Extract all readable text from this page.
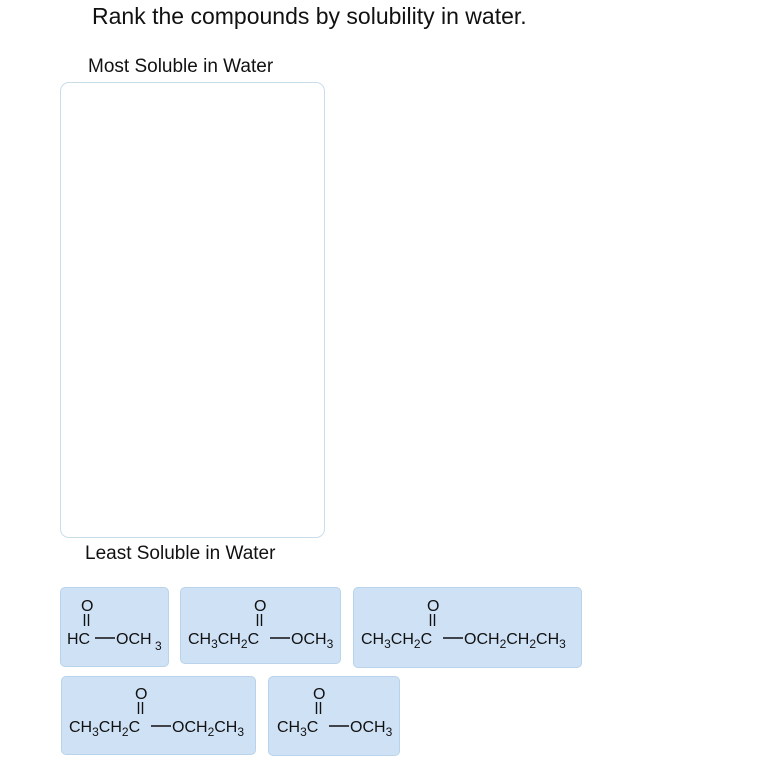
Rank the compounds by solubility in water.
Most Soluble in Water
Least Soluble in Water
O
HC OCH 3
O
$CH_3CH_2C$ $OCH_3$
O
$CH_3CH_2C$ $OCH_2CH_2CH_3$
O
$CH_3CH_2C$ $OCH_2CH_3$
O
$CH_3C$ $OCH_3$
